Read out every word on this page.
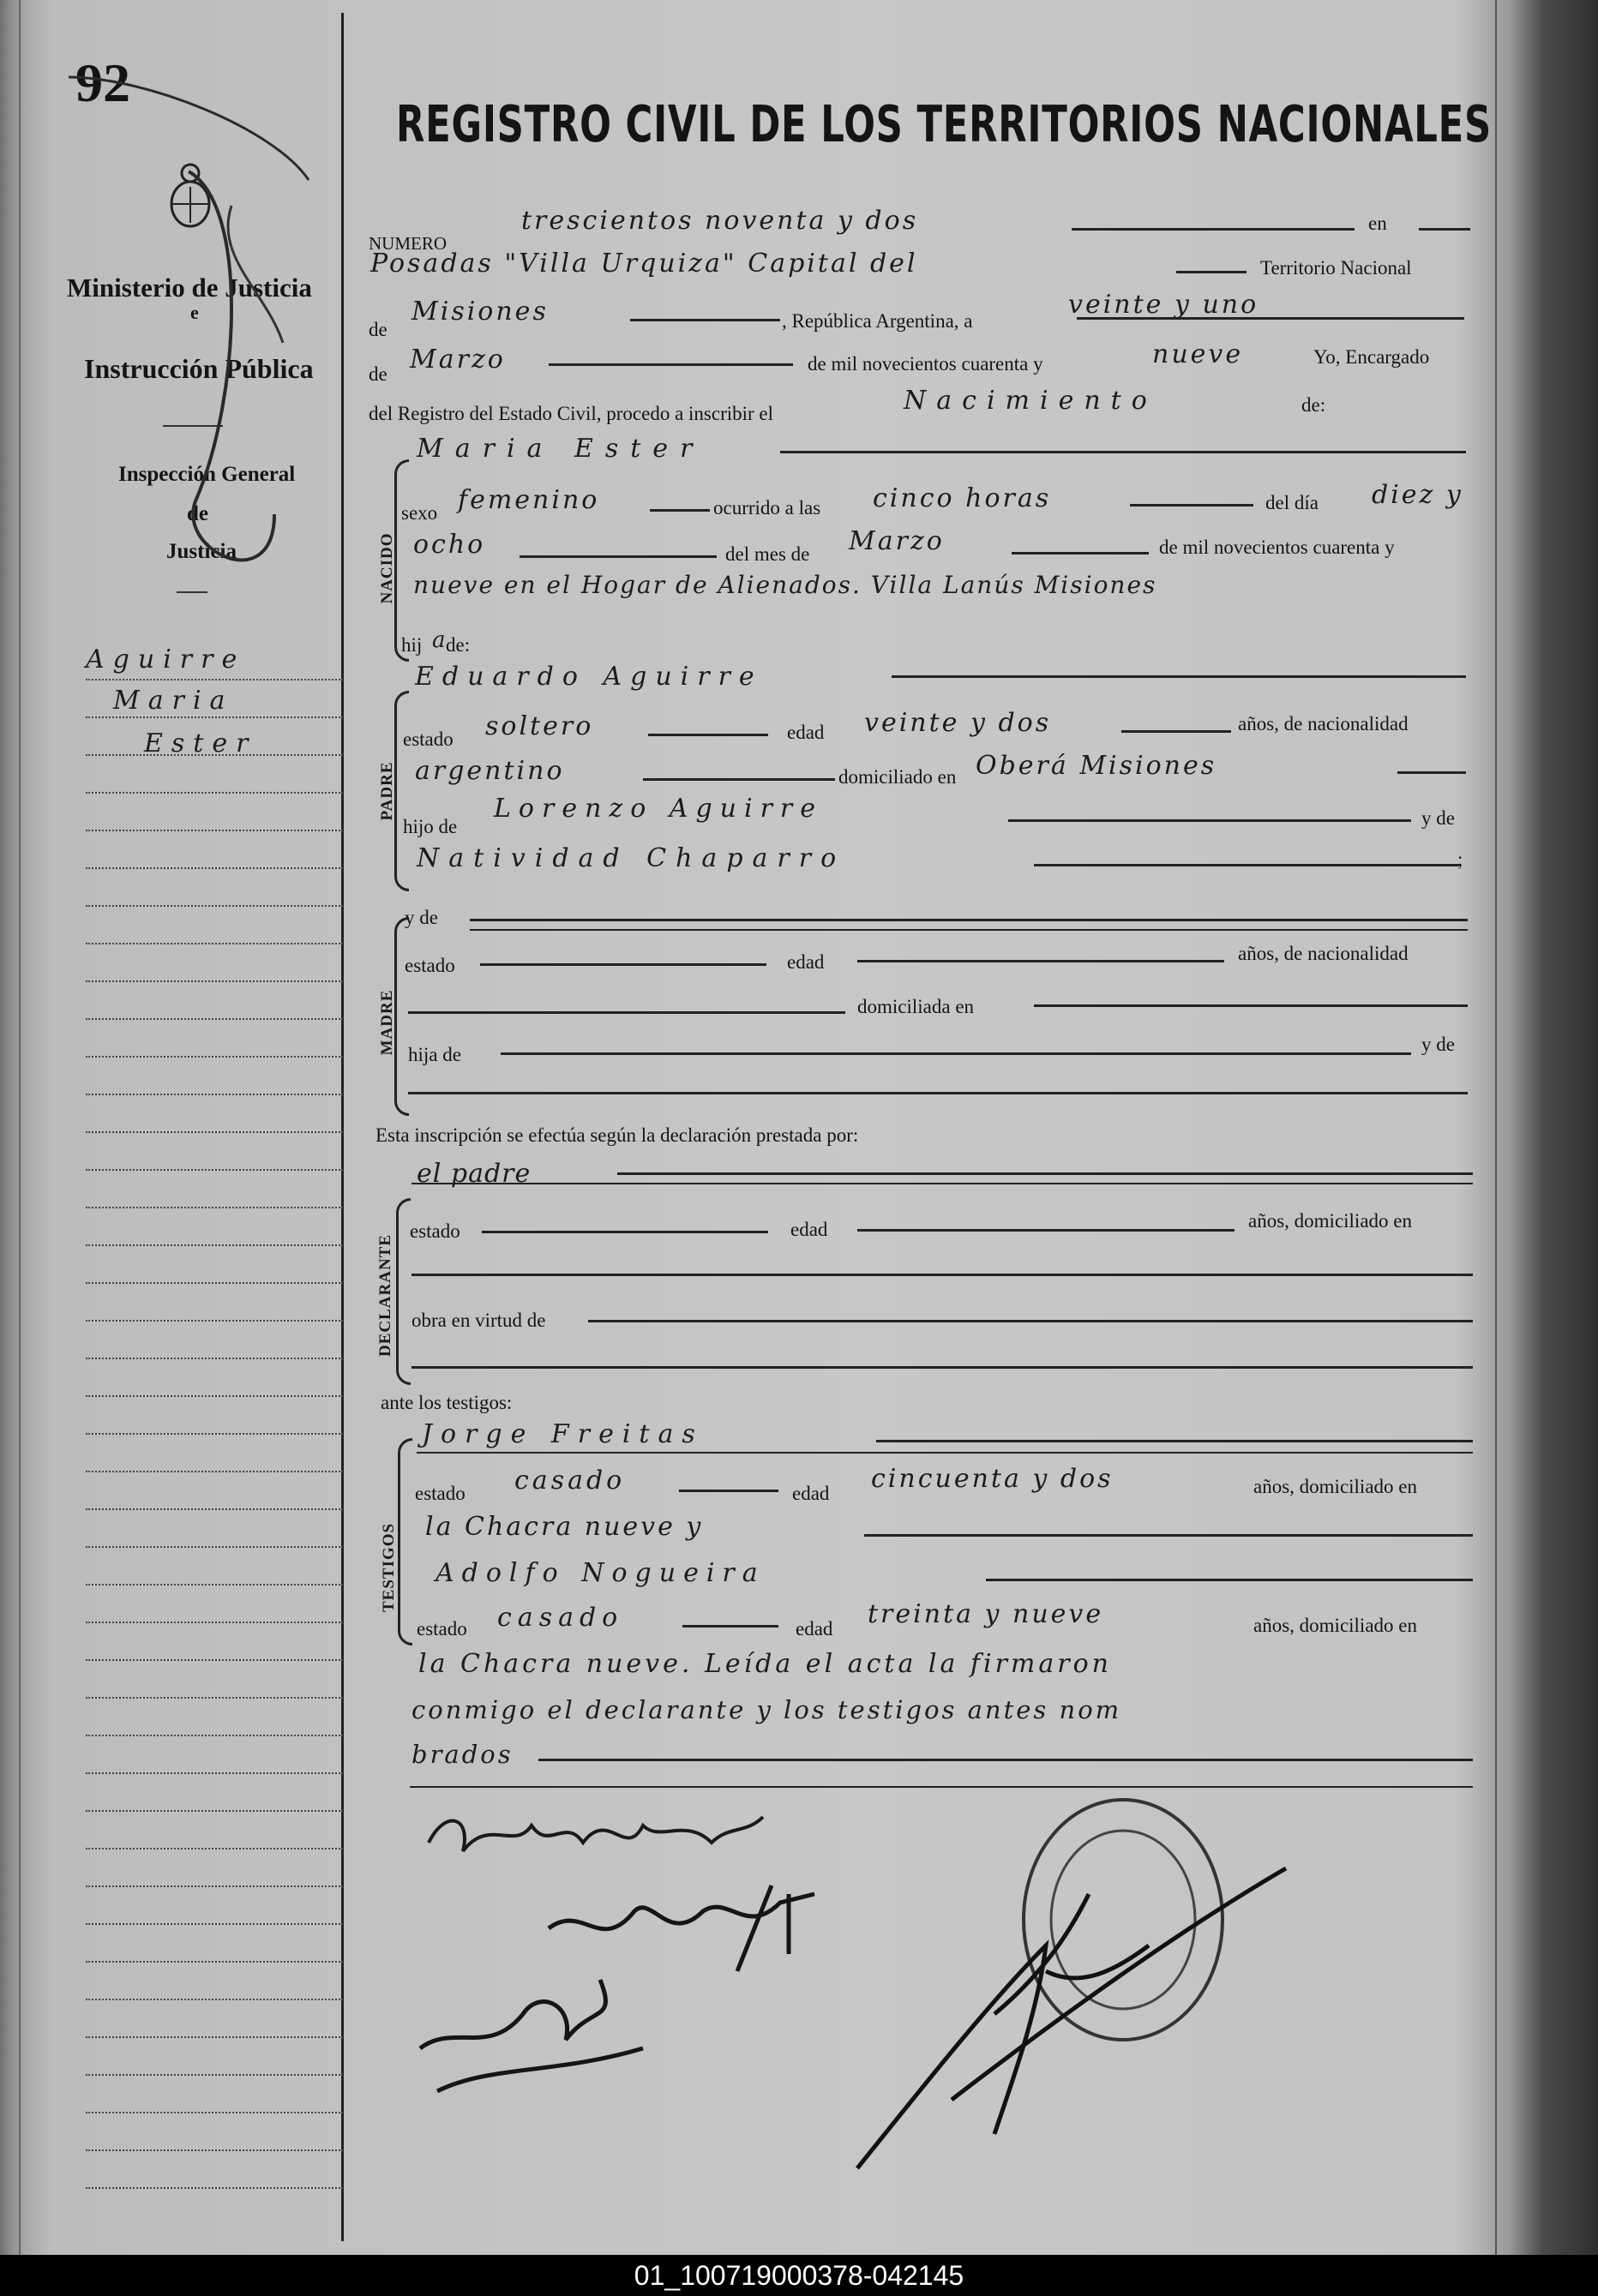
92
Ministerio de Justicia
e
Instrucción Pública
Inspección General
de
Justicia
Aguirre
Maria
Ester
REGISTRO CIVIL DE LOS TERRITORIOS NACIONALES
NUMERO
trescientos noventa y dos	en
Posadas "Villa Urquiza" Capital del	Territorio Nacional
de
Misiones	, República Argentina, a
veinte y uno
de Marzo	de mil novecientos cuarenta y	nueve	Yo, Encargado
del Registro del Estado Civil, procedo a inscribir el	Nacimiento	de:
Maria Ester
NACIDO
sexo femenino	ocurrido a las cinco horas	del día diez y
ocho	del mes de Marzo	de mil novecientos cuarenta y
nueve en el Hogar de Alienados. Villa Lanús Misiones
hij a de:
Eduardo Aguirre
PADRE
estado soltero	edad veinte y dos	años, de nacionalidad
argentino	domiciliado en Oberá Misiones
hijo de
Lorenzo Aguirre	y de
Natividad Chaparro	;
MADRE
y de
estado	edad	años, de nacionalidad
domiciliada en
hija de	y de
Esta inscripción se efectúa según la declaración prestada por:
el padre
DECLARANTE
estado	edad	años, domiciliado en
obra en virtud de
ante los testigos:
Jorge Freitas
TESTIGOS
estado casado	edad cincuenta y dos	años, domiciliado en
la Chacra nueve y
Adolfo Nogueira
estado casado	edad treinta y nueve	años, domiciliado en
la Chacra nueve. Leída el acta la firmaron
conmigo el declarante y los testigos antes nom
brados
01_100719000378-042145
